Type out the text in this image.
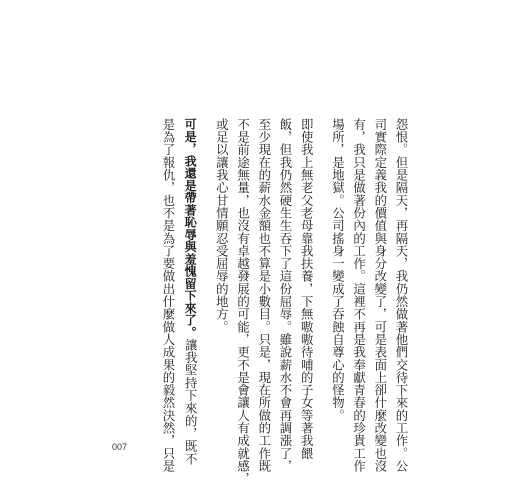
怨恨。但是隔天，再隔天，我仍然做著他們交待下來的工作。公
司實際定義我的價值與身分改變了，可是表面上卻什麼改變也沒
有，我只是做著份內的工作。這裡不再是我奉獻青春的珍貴工作
場所，是地獄。公司搖身一變成了吞蝕自尊心的怪物。
即使我上無老父老母靠我扶養，下無嗷嗷待哺的子女等著我餵
飯，但我仍然硬生生吞下了這份屈辱。雖說薪水不會再調漲了，
至少現在的薪水金額也不算是小數目。只是，現在所做的工作既
不是前途無量，也沒有卓越發展的可能，更不是會讓人有成就感，
或足以讓我心甘情願忍受屈辱的地方。
可是，我還是帶著恥辱與羞愧留下來了。讓我堅持下來的，既不
是為了報仇，也不是為了要做出什麼做人成果的毅然決然，只是
007
